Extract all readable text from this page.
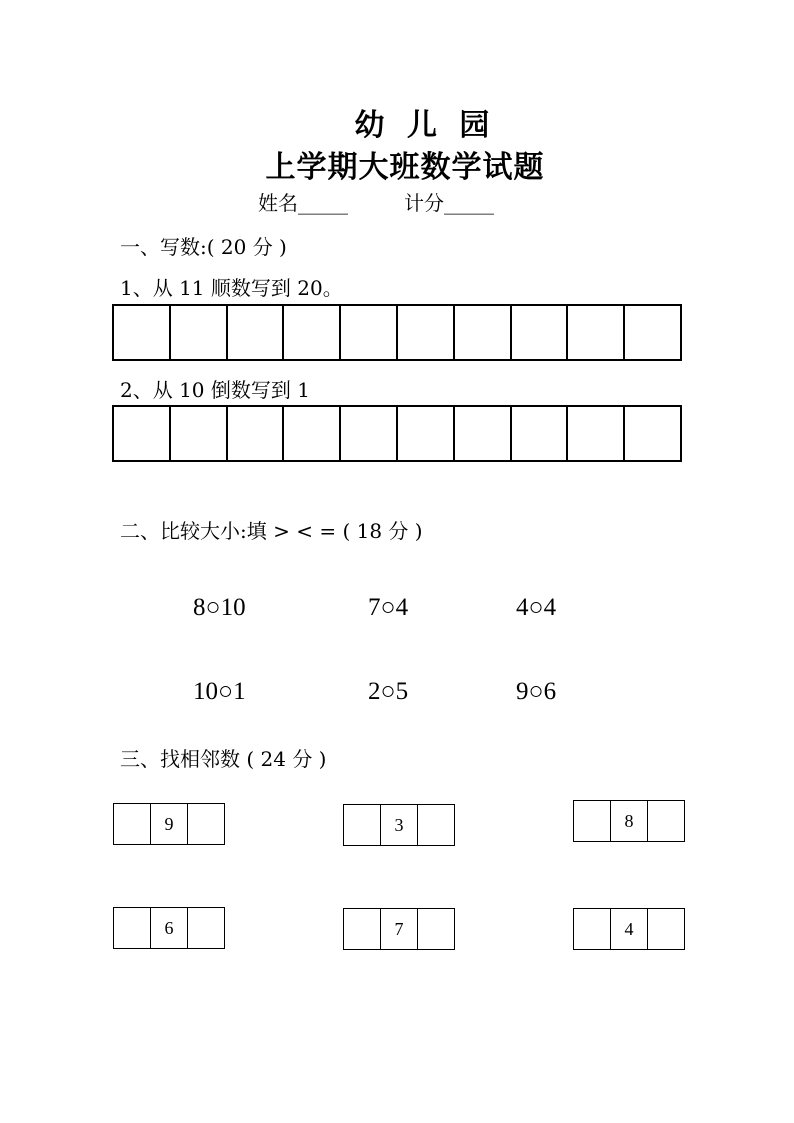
幼 儿 园
上学期大班数学试题
姓名_____	计分_____
一、写数:( 20 分 )
1、从 11 顺数写到 20。
2、从 10 倒数写到 1
二、比较大小:填 > < = ( 18 分 )
8○10	7○4	4○4
10○1	2○5	9○6
三、找相邻数 ( 24 分 )
9	3	8
6	7	4
